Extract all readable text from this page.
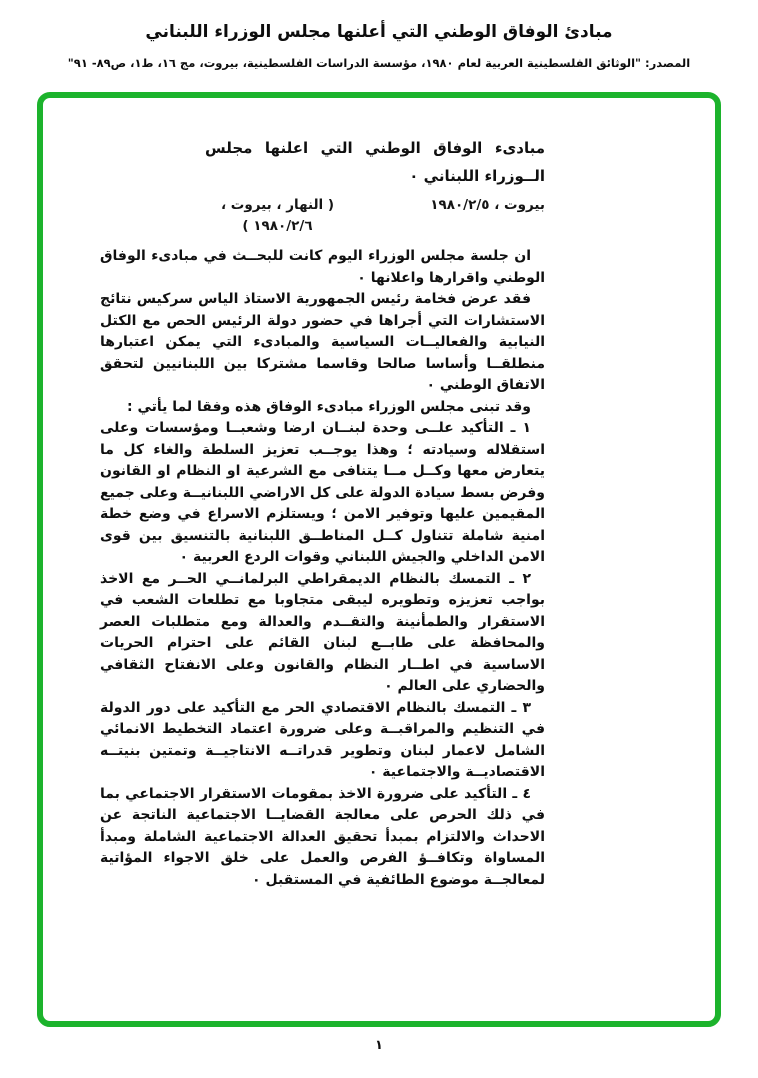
مبادئ الوفاق الوطني التي أعلنها مجلس الوزراء اللبناني
المصدر: "الوثائق الفلسطينية العربية لعام ١٩٨٠، مؤسسة الدراسات الفلسطينية، بيروت، مج ١٦، ط١، ص٨٩- ٩١"
مبادىء الوفاق الوطني التي اعلنها مجلس الــوزراء اللبناني ٠
بيروت ، ١٩٨٠/٢/٥
( النهار ، بيروت ، ١٩٨٠/٢/٦ )

ان جلسة مجلس الوزراء اليوم كانت للبحــث في مبادىء الوفاق الوطني واقرارها واعلانها ٠

فقد عرض فخامة رئيس الجمهورية الاستاذ الياس سركيس نتائج الاستشارات التي أجراها في حضور دولة الرئيس الحص مع الكتل النيابية والفعاليــات السياسية والمبادىء التي يمكن اعتبارها منطلقــا وأساسا صالحا وقاسما مشتركا بين اللبنانيين لتحقق الاتفاق الوطني ٠

وقد تبنى مجلس الوزراء مبادىء الوفاق هذه وفقا لما يأتي :

١ ـ التأكيد علــى وحدة لبنــان ارضا وشعبــا ومؤسسات وعلى استقلاله وسيادته ؛ وهذا يوجــب تعزيز السلطة والغاء كل ما يتعارض معها وكــل مــا يتنافى مع الشرعية او النظام او القانون وفرض بسط سيادة الدولة على كل الاراضي اللبنانيــة وعلى جميع المقيمين عليها وتوفير الامن ؛ ويستلزم الاسراع في وضع خطة امنية شاملة تتناول كــل المناطــق اللبنانية بالتنسيق بين قوى الامن الداخلي والجيش اللبناني وقوات الردع العربية ٠

٢ ـ التمسك بالنظام الديمقراطي البرلمانــي الحــر مع الاخذ بواجب تعزيزه وتطويره ليبقى متجاوبا مع تطلعات الشعب في الاستقرار والطمأنينة والتقــدم والعدالة ومع متطلبات العصر والمحافظة على طابــع لبنان القائم على احترام الحريات الاساسية في اطــار النظام والقانون وعلى الانفتاح الثقافي والحضاري على العالم ٠

٣ ـ التمسك بالنظام الاقتصادي الحر مع التأكيد على دور الدولة في التنظيم والمراقبــة وعلى ضرورة اعتماد التخطيط الانمائي الشامل لاعمار لبنان وتطوير قدراتــه الانتاجيــة وتمتين بنيتــه الاقتصاديــة والاجتماعية ٠

٤ ـ التأكيد على ضرورة الاخذ بمقومات الاستقرار الاجتماعي بما في ذلك الحرص على معالجة القضايــا الاجتماعية الناتجة عن الاحداث والالتزام بمبدأ تحقيق العدالة الاجتماعية الشاملة ومبدأ المساواة وتكافــؤ الفرص والعمل على خلق الاجواء المؤاتية لمعالجــة موضوع الطائفية في المستقبل ٠

١
